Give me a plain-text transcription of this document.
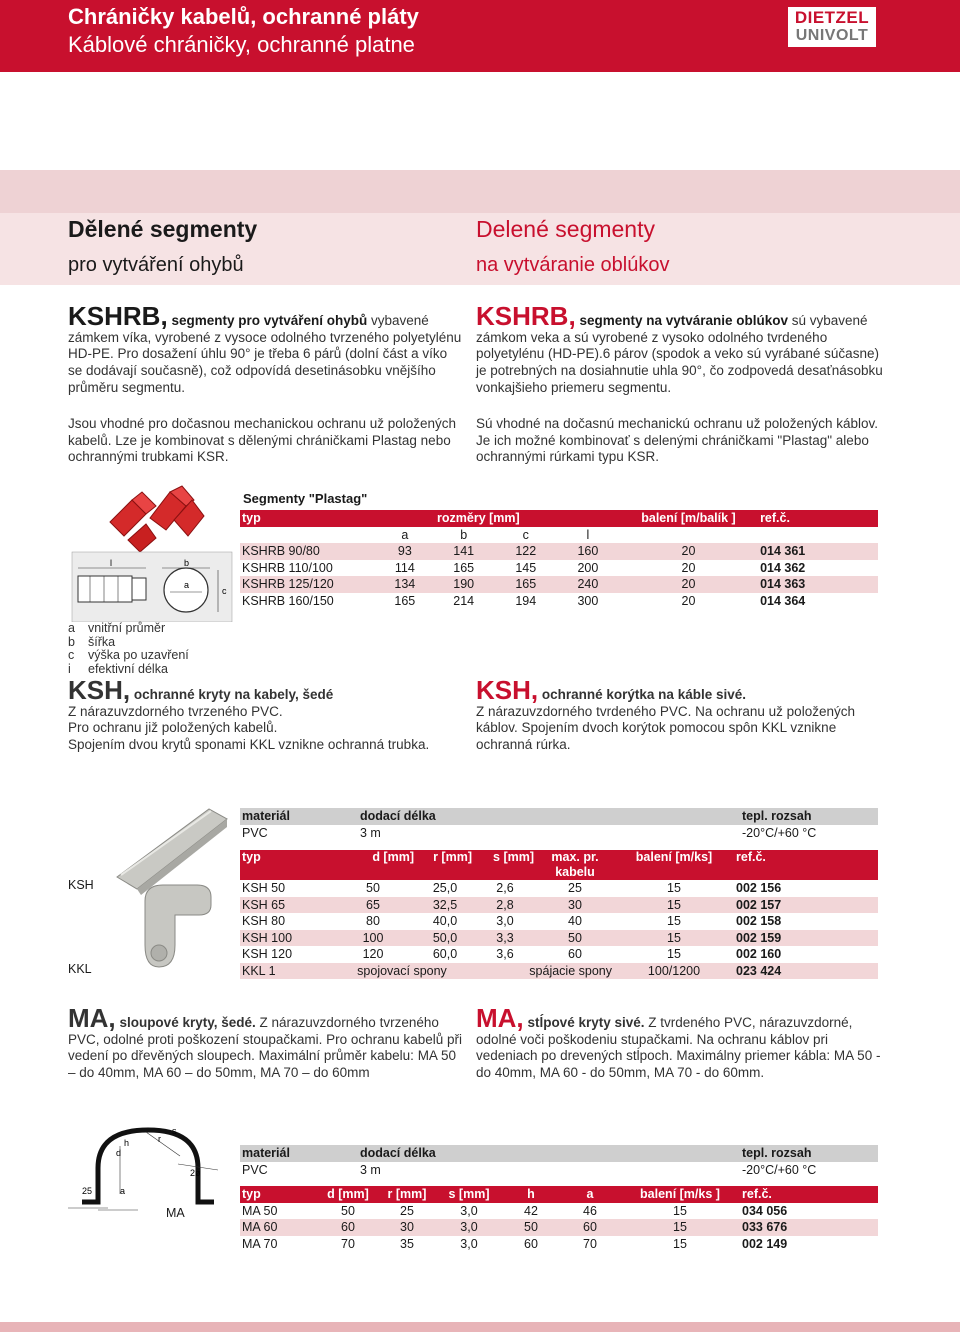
Chráničky kabelů, ochranné pláty
Káblové chráničky, ochranné platne
DIETZEL
UNIVOLT
Dělené segmenty
pro vytváření ohybů
Delené segmenty
na vytváranie oblúkov
KSHRB, segmenty pro vytváření ohybů vybavené zámkem víka, vyrobené z vysoce odolného tvrzeného polyetylénu HD-PE. Pro dosažení úhlu 90° je třeba 6 párů (dolní část a víko se dodávají současně), což odpovídá desetinásobku vnějšího průměru segmentu.
Jsou vhodné pro dočasnou mechanickou ochranu už položených kabelů. Lze je kombinovat s dělenými chráničkami Plastag nebo ochrannými trubkami KSR.
KSHRB, segmenty na vytváranie oblúkov sú vybavené zámkom veka a sú vyrobené z vysoko odolného tvrdeného polyetylénu (HD-PE).6 párov (spodok a veko sú vyrábané súčasne) je potrebných na dosiahnutie uhla 90°, čo zodpovedá desaťnásobku vonkajšieho priemeru segmentu.
Sú vhodné na dočasnú mechanickú ochranu už položených káblov. Je ich možné kombinovať s delenými chráničkami "Plastag" alebo ochrannými rúrkami typu KSR.
l	b
a
c
a vnitřní průměr
b šířka
c výška po uzavření
i efektivní délka
Segmenty "Plastag"
typ	rozměry [mm]				balení [m/balík ]	ref.č.
	a	b	c	l		
KSHRB 90/80	93	141	122	160	20	014 361
KSHRB 110/100	114	165	145	200	20	014 362
KSHRB 125/120	134	190	165	240	20	014 363
KSHRB 160/150	165	214	194	300	20	014 364
KSH, ochranné kryty na kabely, šedé
Z nárazuvzdorného tvrzeného PVC.
Pro ochranu již položených kabelů.
Spojením dvou krytů sponami KKL vznikne ochranná trubka.
KSH, ochranné korýtka na káble sivé.
Z nárazuvzdorného tvrdeného PVC. Na ochranu už položených káblov. Spojením dvoch korýtok pomocou spôn KKL vznikne ochranná rúrka.
KSH
KKL
materiál	dodací délka	tepl. rozsah
PVC	3 m	-20°C/+60 °C
typ	d [mm]	r [mm]	s [mm]	max. pr. kabelu	balení [m/ks]	ref.č.
KSH 50	50	25,0	2,6	25	15	002 156
KSH 65	65	32,5	2,8	30	15	002 157
KSH 80	80	40,0	3,0	40	15	002 158
KSH 100	100	50,0	3,3	50	15	002 159
KSH 120	120	60,0	3,6	60	15	002 160
KKL 1	spojovací spony		spájacie spony		100/1200	023 424
MA, sloupové kryty, šedé. Z nárazuvzdorného tvrzeného PVC, odolné proti poškození stoupačkami. Pro ochranu kabelů při vedení po dřevěných sloupech. Maximální průměr kabelu: MA 50 – do 40mm, MA 60 – do 50mm, MA 70 – do 60mm
MA, stĺpové kryty sivé. Z tvrdeného PVC, nárazuvzdorné, odolné voči poškodeniu stupačkami. Na ochranu káblov pri vedeniach po drevených stĺpoch. Maximálny priemer kábla: MA 50 - do 40mm, MA 60 - do 50mm, MA 70 - do 60mm.
h
d
r
s
2ø
a
25
MA
materiál	dodací délka	tepl. rozsah
PVC	3 m	-20°C/+60 °C
typ	d [mm]	r [mm]	s [mm]	h	a	balení [m/ks ]	ref.č.
MA 50	50	25	3,0	42	46	15	034 056
MA 60	60	30	3,0	50	60	15	033 676
MA 70	70	35	3,0	60	70	15	002 149
